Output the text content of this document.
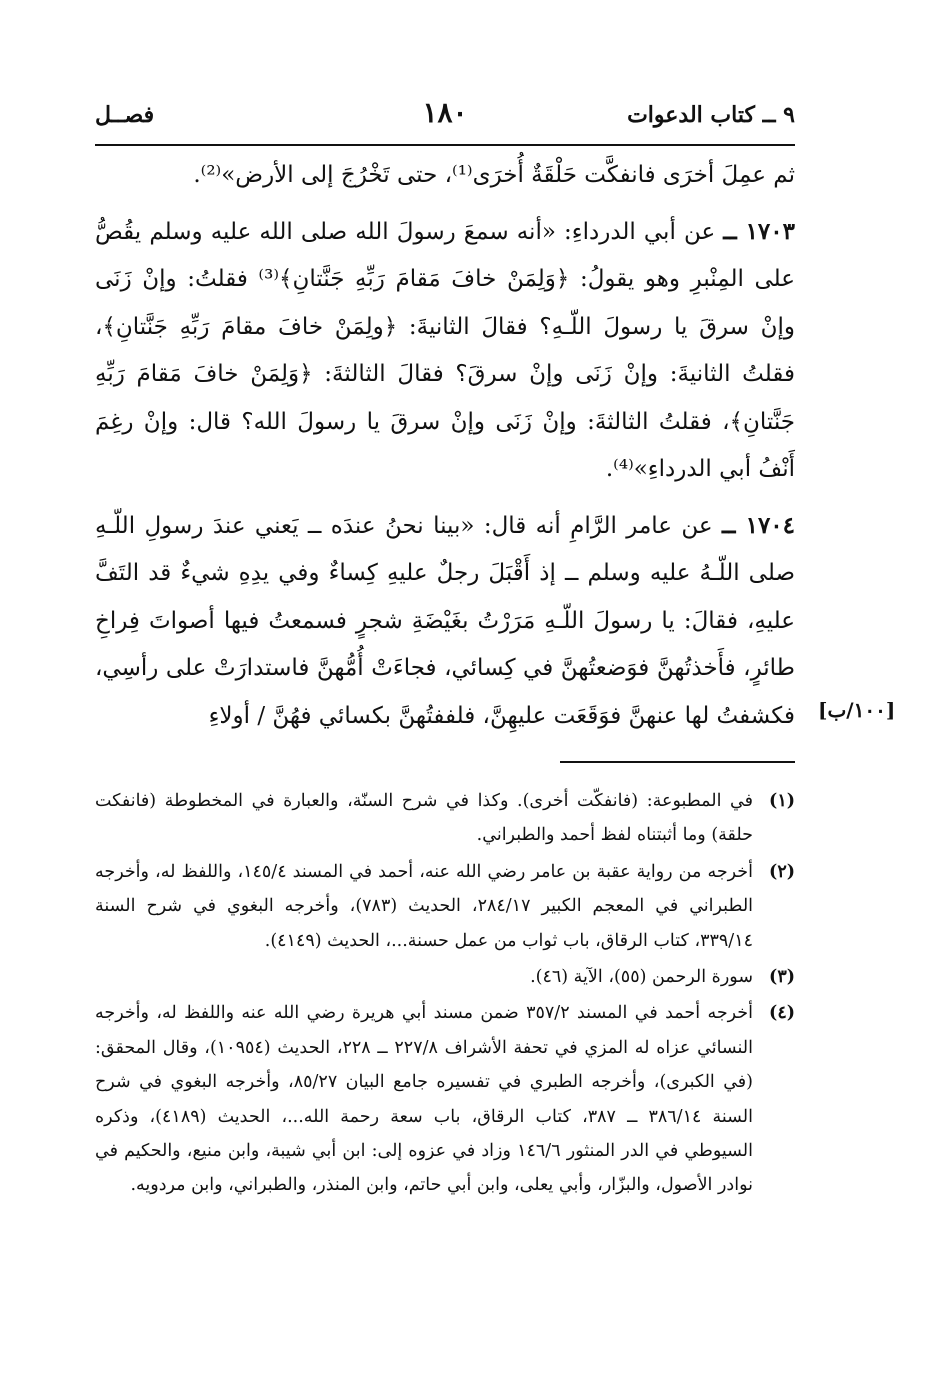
فصــل	١٨٠	٩ ــ كتاب الدعوات

ثم عمِلَ أخرَى فانفكَّت حَلْقَةٌ أُخرَى⁽¹⁾، حتى تَخْرُجَ إلى الأرض»⁽²⁾.

١٧٠٣ ــ عن أبي الدرداءِ: «أنه سمعَ رسولَ الله صلى الله عليه وسلم يقُصُّ على المِنْبرِ وهو يقولُ: ﴿وَلِمَنْ خافَ مَقامَ رَبِّهِ جَنَّتانِ﴾⁽³⁾ فقلتُ: وإنْ زَنَى وإنْ سرقَ يا رسولَ اللّـهِ؟ فقالَ الثانيةَ: ﴿ولِمَنْ خافَ مقامَ رَبِّهِ جَنَّتانِ﴾، فقلتُ الثانيةَ: وإنْ زَنَى وإنْ سرقَ؟ فقالَ الثالثةَ: ﴿وَلِمَنْ خافَ مَقامَ رَبِّهِ جَنَّتانِ﴾، فقلتُ الثالثةَ: وإنْ زَنَى وإنْ سرقَ يا رسولَ الله؟ قال: وإنْ رغِمَ أَنْفُ أبي الدرداءِ»⁽⁴⁾.

١٧٠٤ ــ عن عامر الرَّامِ أنه قال: «بينا نحنُ عندَه ــ يَعني عندَ رسولِ اللّـهِ صلى اللّـهُ عليه وسلم ــ إذ أَقْبَلَ رجلٌ عليهِ كِساءٌ وفي يدِهِ شيءٌ قد التَفَّ عليهِ، فقالَ: يا رسولَ اللّـهِ مَرَرْتُ بغَيْضَةِ شجرٍ فسمعتُ فيها أصواتَ فِراخِ طائرٍ، فأَخذتُهنَّ فوَضعتُهنَّ في كِسائي، فجاءَتْ أُمُّهنَّ فاستدارَتْ على رأسِي، فكشفتُ لها عنهنَّ فوَقَعَت عليهِنَّ، فلففتُهنَّ بكسائي فهُنَّ / أولاءِ [١٠٠/ب]
(١)
في المطبوعة: (فانفكّت أخرى). وكذا في شرح السنّة، والعبارة في المخطوطة (فانفكت حلقة) وما أثبتناه لفظ أحمد والطبراني.
(٢)
أخرجه من رواية عقبة بن عامر رضي الله عنه، أحمد في المسند ١٤٥/٤، واللفظ له، وأخرجه الطبراني في المعجم الكبير ٢٨٤/١٧، الحديث (٧٨٣)، وأخرجه البغوي في شرح السنة ٣٣٩/١٤، كتاب الرقاق، باب ثواب من عمل حسنة...، الحديث (٤١٤٩).
(٣)
سورة الرحمن (٥٥)، الآية (٤٦).
(٤)
أخرجه أحمد في المسند ٣٥٧/٢ ضمن مسند أبي هريرة رضي الله عنه واللفظ له، وأخرجه النسائي عزاه له المزي في تحفة الأشراف ٢٢٧/٨ ــ ٢٢٨، الحديث (١٠٩٥٤)، وقال المحقق: (في الكبرى)، وأخرجه الطبري في تفسيره جامع البيان ٨٥/٢٧، وأخرجه البغوي في شرح السنة ٣٨٦/١٤ ــ ٣٨٧، كتاب الرقاق، باب سعة رحمة الله...، الحديث (٤١٨٩)، وذكره السيوطي في الدر المنثور ١٤٦/٦ وزاد في عزوه إلى: ابن أبي شيبة، وابن منيع، والحكيم في نوادر الأصول، والبزّار، وأبي يعلى، وابن أبي حاتم، وابن المنذر، والطبراني، وابن مردويه.
